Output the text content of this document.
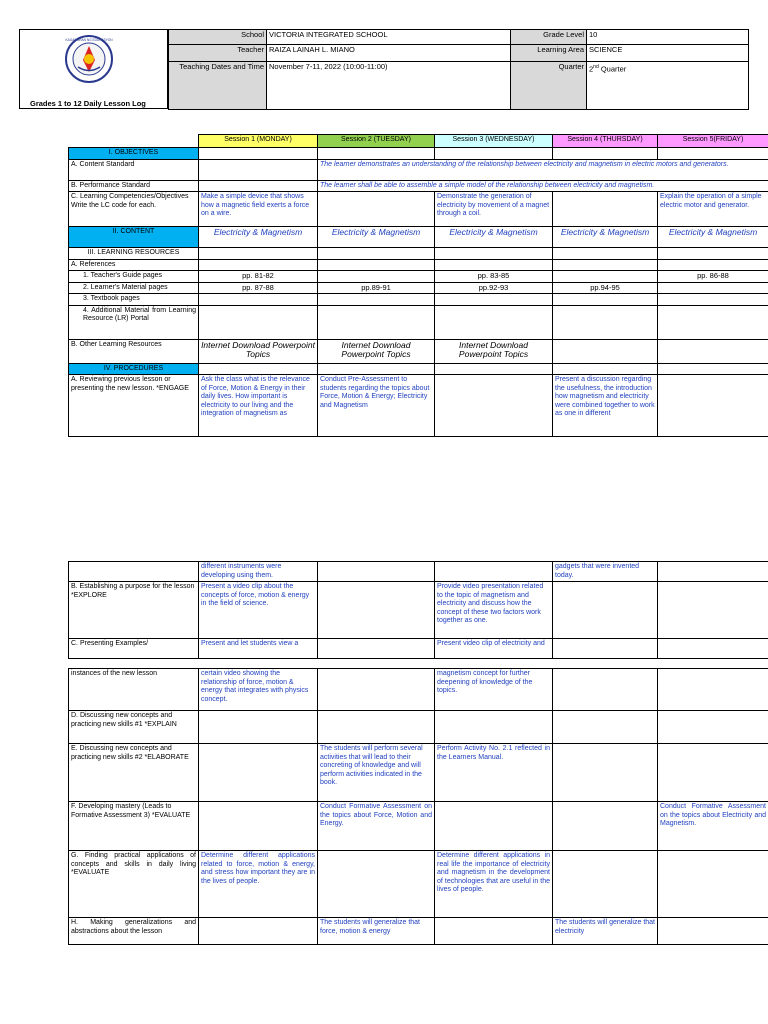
KAGAWARAN NG EDUKASYON
Grades 1 to 12 Daily Lesson Log
School	VICTORIA INTEGRATED SCHOOL	Grade Level	10
Teacher	RAIZA LAINAH L. MIANO	Learning Area	SCIENCE
Teaching Dates and Time	November 7-11, 2022 (10:00-11:00)	Quarter	2nd Quarter
	Session 1 (MONDAY)	Session 2 (TUESDAY)	Session 3 (WEDNESDAY)	Session 4 (THURSDAY)	Session 5(FRIDAY)
I. OBJECTIVES					
A. Content Standard		The learner demonstrates an understanding of the relationship between electricity and magnetism in electric motors and generators.			
B. Performance Standard		The learner shall be able to assemble a simple model of the relationship between electricity and magnetism.			
C. Learning Competencies/Objectives Write the LC code for each.	Make a simple device that shows how a magnetic field exerts a force on a wire.		Demonstrate the generation of electricity by movement of a magnet through a coil.		Explain the operation of a simple electric motor and generator.
II. CONTENT	Electricity & Magnetism	Electricity & Magnetism	Electricity & Magnetism	Electricity & Magnetism	Electricity & Magnetism
III. LEARNING RESOURCES					
A. References					
1. Teacher's Guide pages	pp. 81-82		pp. 83-85		pp. 86-88
2. Learner's Material pages	pp. 87-88	pp.89-91	pp.92-93	pp.94-95	
3. Textbook pages					
4. Additional Material from Learning Resource (LR) Portal					
B. Other Learning Resources	Internet Download Powerpoint Topics	Internet Download Powerpoint Topics	Internet Download Powerpoint Topics		
IV. PROCEDURES					
A. Reviewing previous lesson or presenting the new lesson. *ENGAGE	Ask the class what is the relevance of Force, Motion & Energy in their daily lives. How important is electricity to our living and the integration of magnetism as	Conduct Pre-Assessment to students regarding the topics about Force, Motion & Energy; Electricity and Magnetism		Present a discussion regarding the usefulness, the introduction how magnetism and electricity were combined together to work as one in different	
	different instruments were developing using them.			gadgets that were invented today.	
B. Establishing a purpose for the lesson *EXPLORE	Present a video clip about the concepts of force, motion & energy in the field of science.		Provide video presentation related to the topic of magnetism and electricity and discuss how the concept of these two factors work together as one.		
C. Presenting Examples/	Present and let students view a		Present video clip of electricity and		
instances of the new lesson	certain video showing the relationship of force, motion & energy that integrates with physics concept.		magnetism concept for further deepening of knowledge of the topics.		
D. Discussing new concepts and practicing new skills #1 *EXPLAIN					
E. Discussing new concepts and practicing new skills #2 *ELABORATE		The students will perform several activities that will lead to their concreting of knowledge and will perform activities indicated in the book.	Perform Activity No. 2.1 reflected in the Learners Manual.		
F. Developing mastery (Leads to Formative Assessment 3) *EVALUATE		Conduct Formative Assessment on the topics about Force, Motion and Energy.			Conduct Formative Assessment on the topics about Electricity and Magnetism.
G. Finding practical applications of concepts and skills in daily living *EVALUATE	Determine different applications related to force, motion & energy, and stress how important they are in the lives of people.		Determine different applications in real life the importance of electricity and magnetism in the development of technologies that are useful in the lives of people.		
H. Making generalizations and abstractions about the lesson		The students will generalize that force, motion & energy		The students will generalize that electricity	
